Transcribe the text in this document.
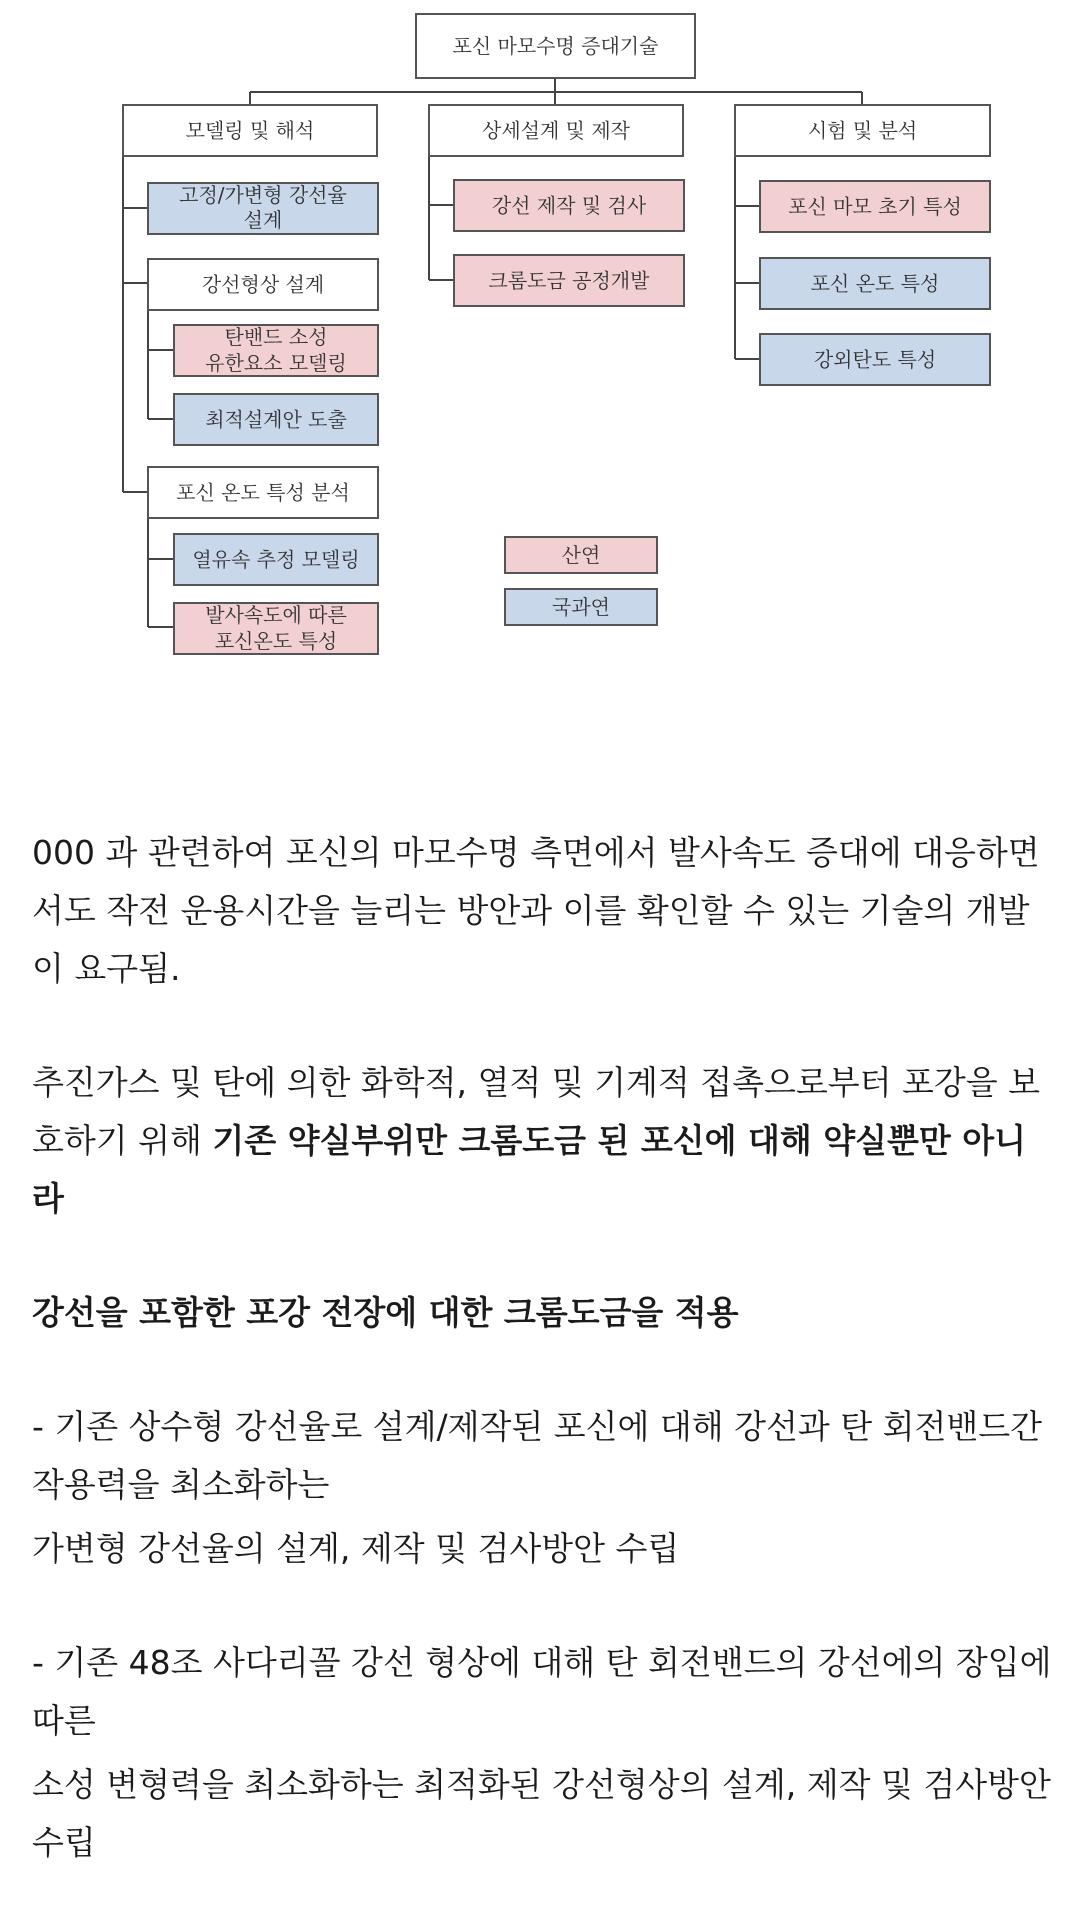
포신 마모수명 증대기술
모델링 및 해석	상세설계 및 제작	시험 및 분석
고정/가변형 강선율
설계
강선형상 설계
탄밴드 소성
유한요소 모델링
최적설계안 도출
포신 온도 특성 분석
열유속 추정 모델링
발사속도에 따른
포신온도 특성
강선 제작 및 검사
크롬도금 공정개발
포신 마모 초기 특성
포신 온도 특성
강외탄도 특성
산연
국과연

000 과 관련하여 포신의 마모수명 측면에서 발사속도 증대에 대응하면서도 작전 운용시간을 늘리는 방안과 이를 확인할 수 있는 기술의 개발이 요구됨.

추진가스 및 탄에 의한 화학적, 열적 및 기계적 접촉으로부터 포강을 보호하기 위해 기존 약실부위만 크롬도금 된 포신에 대해 약실뿐만 아니라

강선을 포함한 포강 전장에 대한 크롬도금을 적용

- 기존 상수형 강선율로 설계/제작된 포신에 대해 강선과 탄 회전밴드간 작용력을 최소화하는

가변형 강선율의 설계, 제작 및 검사방안 수립

- 기존 48조 사다리꼴 강선 형상에 대해 탄 회전밴드의 강선에의 장입에 따른

소성 변형력을 최소화하는 최적화된 강선형상의 설계, 제작 및 검사방안 수립
